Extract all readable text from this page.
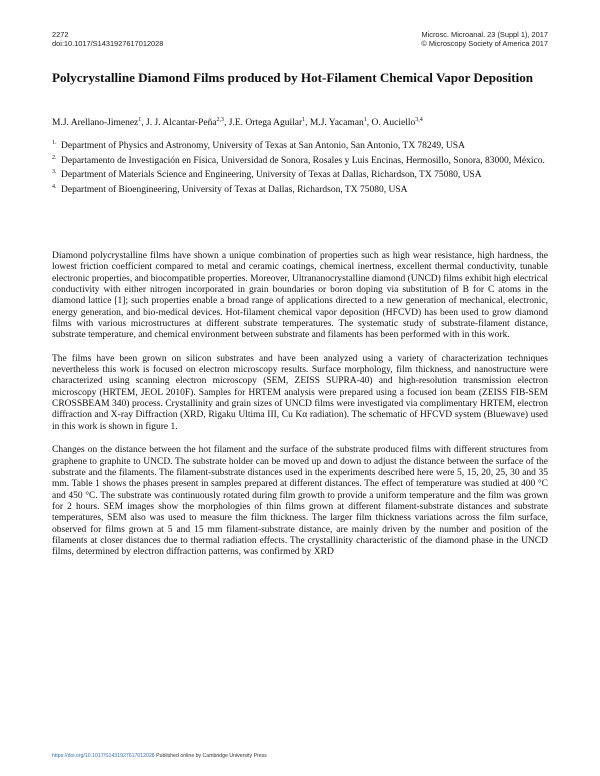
2272
doi:10.1017/S1431927617012028
Microsc. Microanal. 23 (Suppl 1), 2017
© Microscopy Society of America 2017
Polycrystalline Diamond Films produced by Hot-Filament Chemical Vapor Deposition
M.J. Arellano-Jimenez$^1$, J. J. Alcantar-Peña$^{2,3}$, J.E. Ortega Aguilar$^1$, M.J. Yacaman$^1$, O. Auciello$^{3,4}$

1. Department of Physics and Astronomy, University of Texas at San Antonio, San Antonio, TX 78249, USA

2. Departamento de Investigación en Física, Universidad de Sonora, Rosales y Luis Encinas, Hermosillo, Sonora, 83000, México.

3. Department of Materials Science and Engineering, University of Texas at Dallas, Richardson, TX 75080, USA

4. Department of Bioengineering, University of Texas at Dallas, Richardson, TX 75080, USA

Diamond polycrystalline films have shown a unique combination of properties such as high wear resistance, high hardness, the lowest friction coefficient compared to metal and ceramic coatings, chemical inertness, excellent thermal conductivity, tunable electronic properties, and biocompatible properties. Moreover, Ultrananocrystalline diamond (UNCD) films exhibit high electrical conductivity with either nitrogen incorporated in grain boundaries or boron doping via substitution of B for C atoms in the diamond lattice [1]; such properties enable a broad range of applications directed to a new generation of mechanical, electronic, energy generation, and bio-medical devices. Hot-filament chemical vapor deposition (HFCVD) has been used to grow diamond films with various microstructures at different substrate temperatures. The systematic study of substrate-filament distance, substrate temperature, and chemical environment between substrate and filaments has been performed with in this work.

The films have been grown on silicon substrates and have been analyzed using a variety of characterization techniques nevertheless this work is focused on electron microscopy results. Surface morphology, film thickness, and nanostructure were characterized using scanning electron microscopy (SEM, ZEISS SUPRA-40) and high-resolution transmission electron microscopy (HRTEM, JEOL 2010F). Samples for HRTEM analysis were prepared using a focused ion beam (ZEISS FIB-SEM CROSSBEAM 340) process. Crystallinity and grain sizes of UNCD films were investigated via complimentary HRTEM, electron diffraction and X-ray Diffraction (XRD, Rigaku Ultima III, Cu Kα radiation). The schematic of HFCVD system (Bluewave) used in this work is shown in figure 1.

Changes on the distance between the hot filament and the surface of the substrate produced films with different structures from graphene to graphite to UNCD. The substrate holder can be moved up and down to adjust the distance between the surface of the substrate and the filaments. The filament-substrate distances used in the experiments described here were 5, 15, 20, 25, 30 and 35 mm. Table 1 shows the phases present in samples prepared at different distances. The effect of temperature was studied at 400 °C and 450 °C. The substrate was continuously rotated during film growth to provide a uniform temperature and the film was grown for 2 hours. SEM images show the morphologies of thin films grown at different filament-substrate distances and substrate temperatures, SEM also was used to measure the film thickness. The larger film thickness variations across the film surface, observed for films grown at 5 and 15 mm filament-substrate distance, are mainly driven by the number and position of the filaments at closer distances due to thermal radiation effects. The crystallinity characteristic of the diamond phase in the UNCD films, determined by electron diffraction patterns, was confirmed by XRD

https://doi.org/10.1017/S1431927617012028 Published online by Cambridge University Press
